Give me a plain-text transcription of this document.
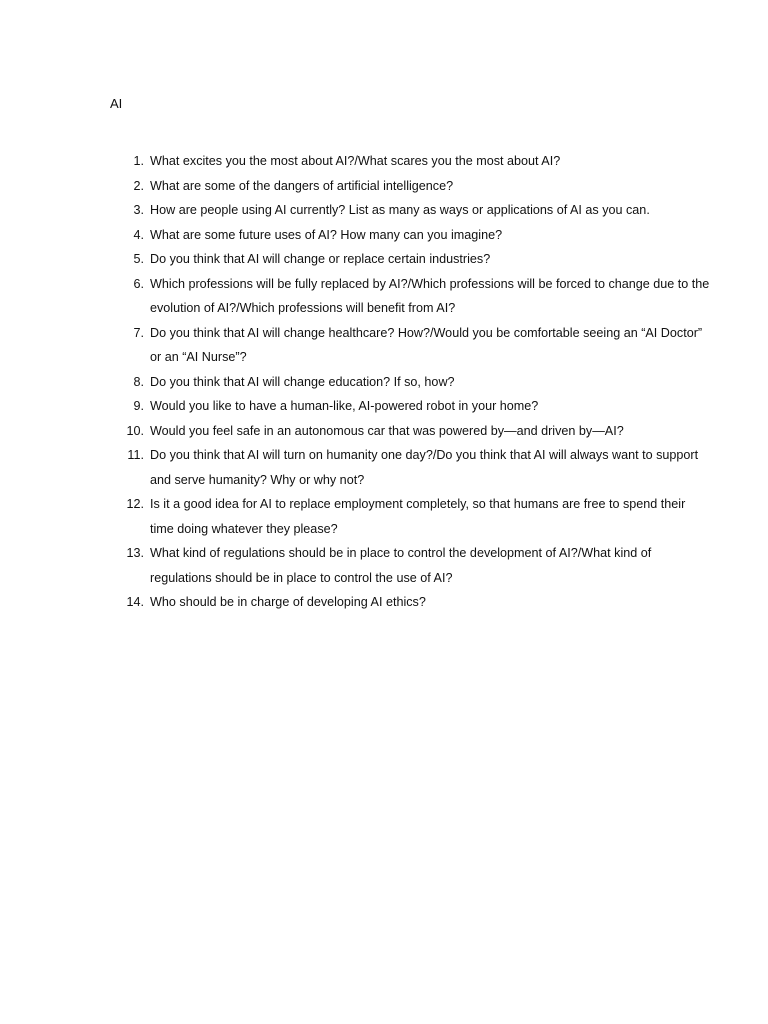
AI
1. What excites you the most about AI?/What scares you the most about AI?
2. What are some of the dangers of artificial intelligence?
3. How are people using AI currently? List as many as ways or applications of AI as you can.
4. What are some future uses of AI? How many can you imagine?
5. Do you think that AI will change or replace certain industries?
6. Which professions will be fully replaced by AI?/Which professions will be forced to change due to the evolution of AI?/Which professions will benefit from AI?
7. Do you think that AI will change healthcare? How?/Would you be comfortable seeing an “AI Doctor” or an “AI Nurse”?
8. Do you think that AI will change education? If so, how?
9. Would you like to have a human-like, AI-powered robot in your home?
10. Would you feel safe in an autonomous car that was powered by—and driven by—AI?
11. Do you think that AI will turn on humanity one day?/Do you think that AI will always want to support and serve humanity? Why or why not?
12. Is it a good idea for AI to replace employment completely, so that humans are free to spend their time doing whatever they please?
13. What kind of regulations should be in place to control the development of AI?/What kind of regulations should be in place to control the use of AI?
14. Who should be in charge of developing AI ethics?
